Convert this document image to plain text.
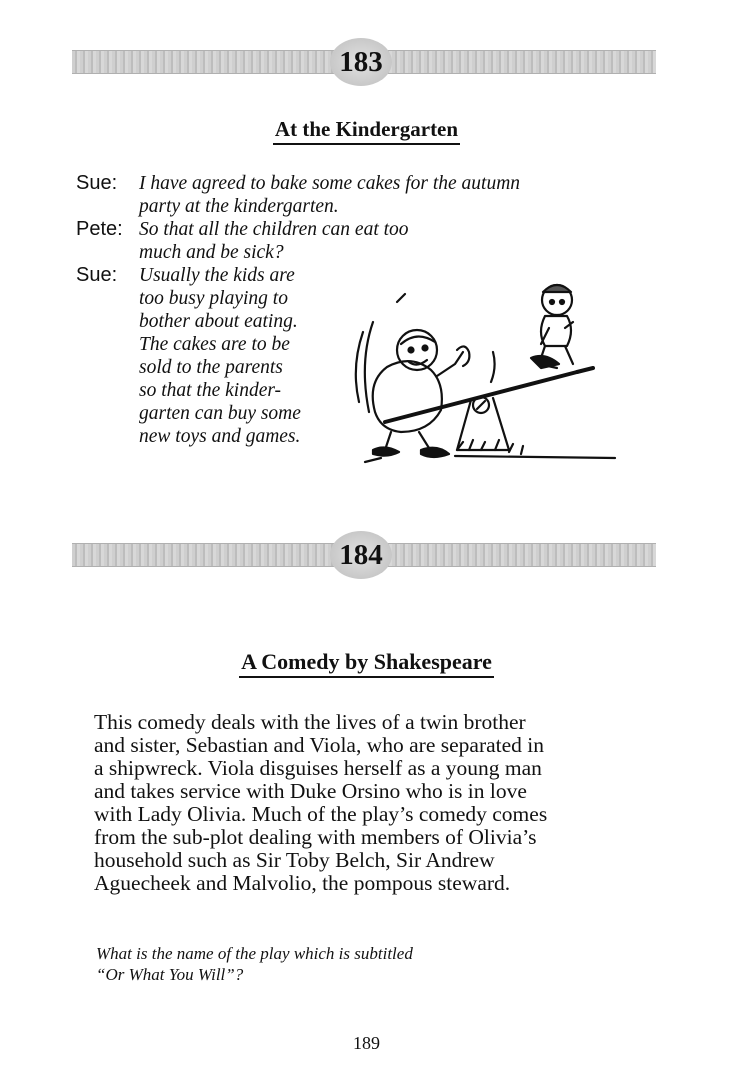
183
At the Kindergarten
Sue: I have agreed to bake some cakes for the autumn
party at the kindergarten.
Pete: So that all the children can eat too
much and be sick?
Sue: Usually the kids are
too busy playing to
bother about eating.
The cakes are to be
sold to the parents
so that the kinder-
garten can buy some
new toys and games.
184
A Comedy by Shakespeare
This comedy deals with the lives of a twin brother
and sister, Sebastian and Viola, who are separated in
a shipwreck. Viola disguises herself as a young man
and takes service with Duke Orsino who is in love
with Lady Olivia. Much of the play’s comedy comes
from the sub-plot dealing with members of Olivia’s
household such as Sir Toby Belch, Sir Andrew
Aguecheek and Malvolio, the pompous steward.
What is the name of the play which is subtitled
“Or What You Will”?
189
